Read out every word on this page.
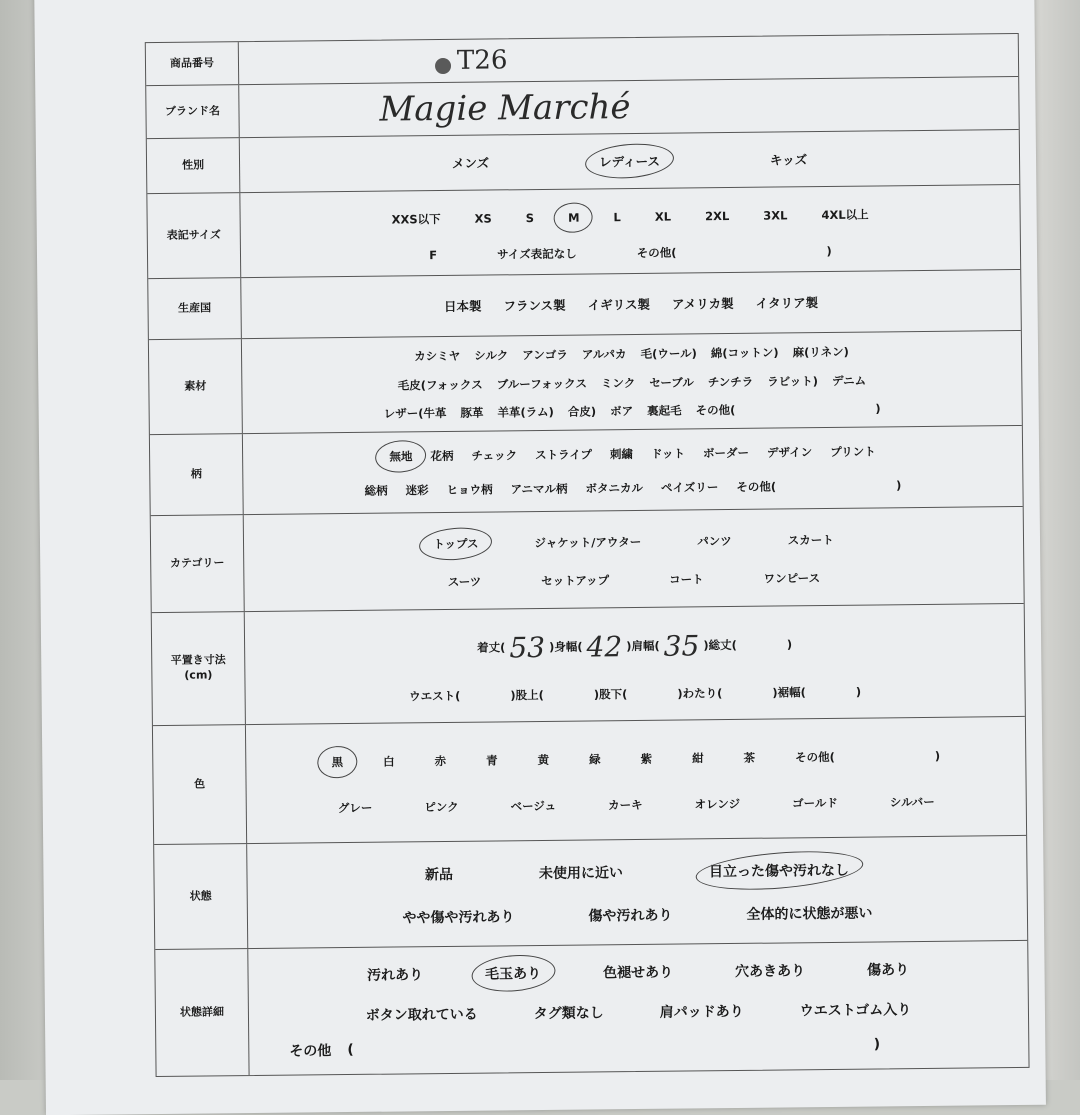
商品番号	T26
ブランド名	Magie Marché
性別	メンズ	レディース	キッズ
表記サイズ
XXS以下	XS	S	M	L	XL	2XL	3XL	4XL以上
F	サイズ表記なし	その他(	)
生産国	日本製 フランス製 イギリス製 アメリカ製 イタリア製
素材
カシミヤ シルク アンゴラ アルパカ 毛(ウール) 綿(コットン) 麻(リネン)
毛皮(フォックス ブルーフォックス ミンク セーブル チンチラ ラビット) デニム
レザー(牛革 豚革 羊革(ラム) 合皮) ボア 裏起毛 その他(	)
柄
無地 花柄 チェック ストライプ 刺繍 ドット ボーダー デザイン プリント
総柄 迷彩 ヒョウ柄 アニマル柄 ボタニカル ペイズリー その他(	)
カテゴリー
トップス	ジャケット/アウター	パンツ	スカート
スーツ	セットアップ	コート	ワンピース
平置き寸法
(cm)
着丈( 53 )身幅( 42 )肩幅( 35 )総丈(	)
ウエスト(	)股上(	)股下(	)わたり(	)裾幅(	)
色
黒	白	赤	青	黄	緑	紫	紺	茶	その他(	)
グレー	ピンク	ベージュ	カーキ	オレンジ	ゴールド	シルバー
状態
新品	未使用に近い	目立った傷や汚れなし
やや傷や汚れあり	傷や汚れあり	全体的に状態が悪い
状態詳細
汚れあり	毛玉あり	色褪せあり	穴あきあり	傷あり
ボタン取れている	タグ類なし	肩パッドあり	ウエストゴム入り
その他 (	)
